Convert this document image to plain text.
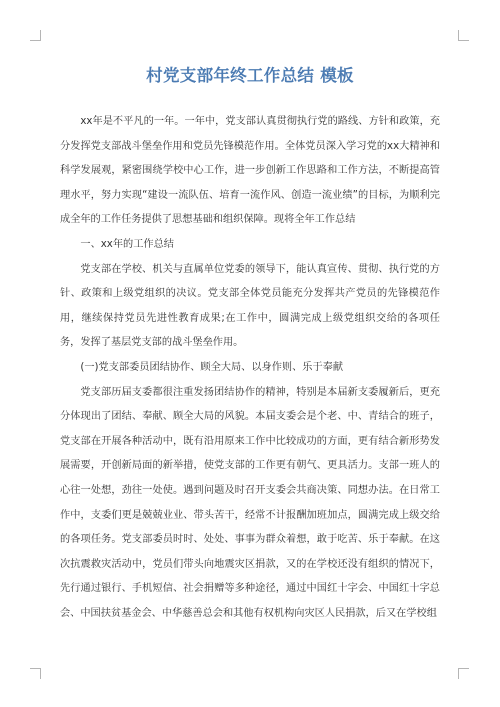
村党支部年终工作总结 模板

xx年是不平凡的一年。一年中，党支部认真贯彻执行党的路线、方针和政策，充分发挥党支部战斗堡垒作用和党员先锋模范作用。全体党员深入学习党的xx大精神和科学发展观，紧密围绕学校中心工作，进一步创新工作思路和工作方法，不断提高管理水平，努力实现“建设一流队伍、培育一流作风、创造一流业绩”的目标，为顺利完成全年的工作任务提供了思想基础和组织保障。现将全年工作总结

一、xx年的工作总结

党支部在学校、机关与直属单位党委的领导下，能认真宣传、贯彻、执行党的方针、政策和上级党组织的决议。党支部全体党员能充分发挥共产党员的先锋模范作用，继续保持党员先进性教育成果;在工作中，圆满完成上级党组织交给的各项任务，发挥了基层党支部的战斗堡垒作用。

(一)党支部委员团结协作、顾全大局、以身作则、乐于奉献

党支部历届支委都很注重发扬团结协作的精神，特别是本届新支委履新后，更充分体现出了团结、奉献、顾全大局的风貌。本届支委会是个老、中、青结合的班子，党支部在开展各种活动中，既有沿用原来工作中比较成功的方面，更有结合新形势发展需要，开创新局面的新举措，使党支部的工作更有朝气、更具活力。支部一班人的心往一处想，劲往一处使。遇到问题及时召开支委会共商决策、同想办法。在日常工作中，支委们更是兢兢业业、带头苦干，经常不计报酬加班加点，圆满完成上级交给的各项任务。党支部委员时时、处处、事事为群众着想，敢于吃苦、乐于奉献。在这次抗震救灾活动中，党员们带头向地震灾区捐款，又的在学校还没有组织的情况下，先行通过银行、手机短信、社会捐赠等多种途径，通过中国红十字会、中国红十字总会、中国扶贫基金会、中华慈善总会和其他有权机构向灾区人民捐款，后又在学校组
